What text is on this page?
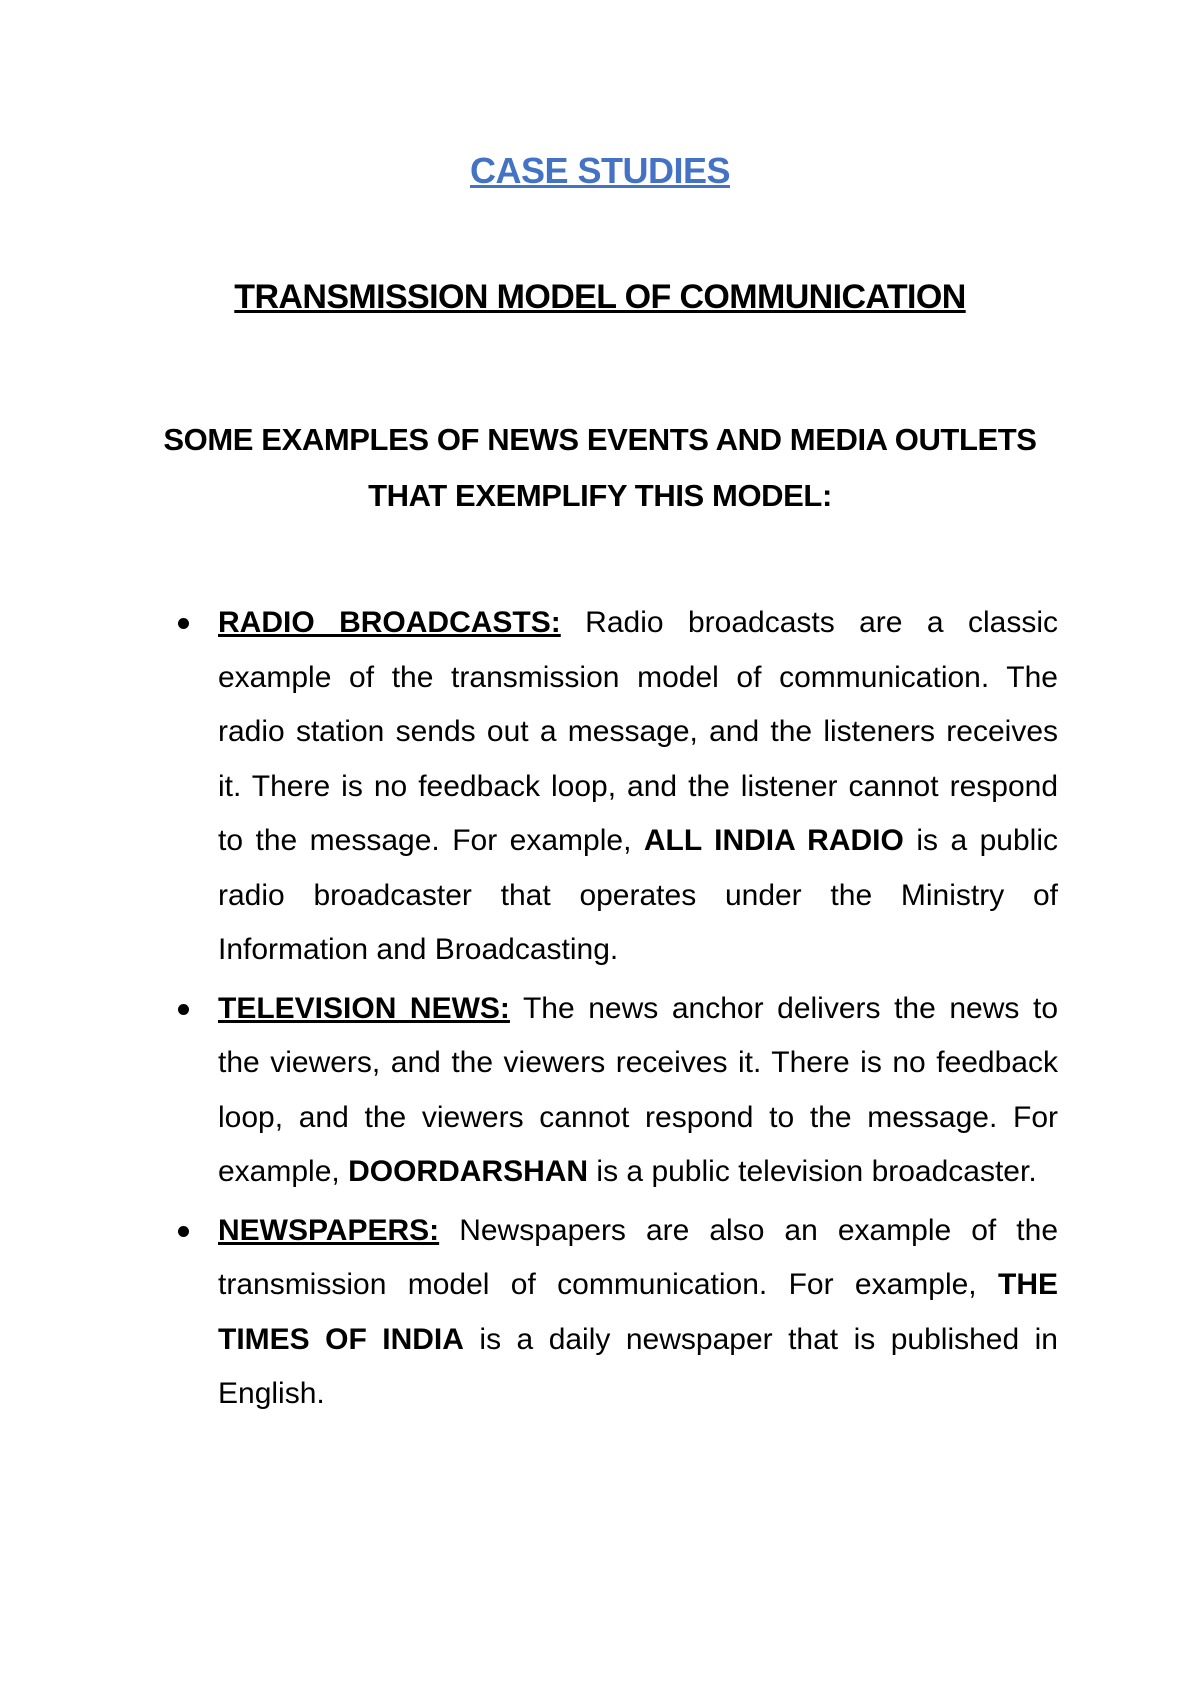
CASE STUDIES
TRANSMISSION MODEL OF COMMUNICATION
SOME EXAMPLES OF NEWS EVENTS AND MEDIA OUTLETS THAT EXEMPLIFY THIS MODEL:
RADIO BROADCASTS: Radio broadcasts are a classic example of the transmission model of communication. The radio station sends out a message, and the listeners receives it. There is no feedback loop, and the listener cannot respond to the message. For example, ALL INDIA RADIO is a public radio broadcaster that operates under the Ministry of Information and Broadcasting.
TELEVISION NEWS: The news anchor delivers the news to the viewers, and the viewers receives it. There is no feedback loop, and the viewers cannot respond to the message. For example, DOORDARSHAN is a public television broadcaster.
NEWSPAPERS: Newspapers are also an example of the transmission model of communication. For example, THE TIMES OF INDIA is a daily newspaper that is published in English.
